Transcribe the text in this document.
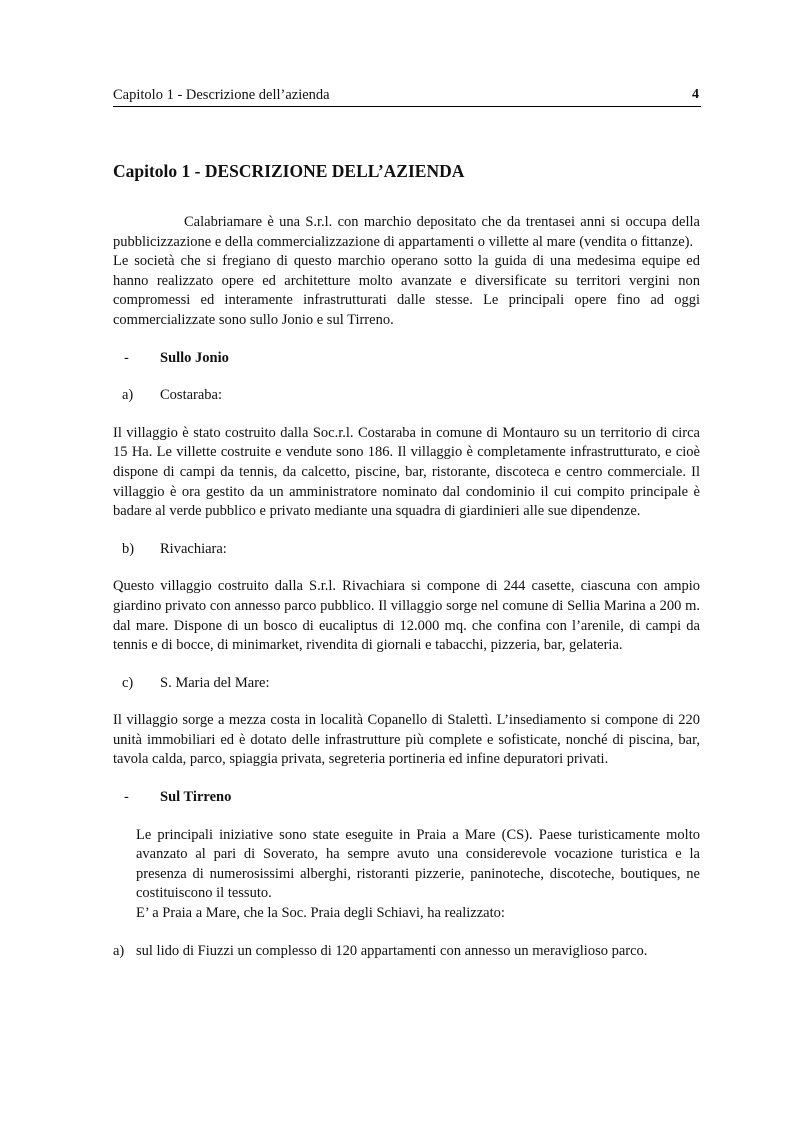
Capitolo 1 - Descrizione dell’azienda	4
Capitolo 1 - DESCRIZIONE DELL’AZIENDA

Calabriamare è una S.r.l. con marchio depositato che da trentasei anni si occupa della pubblicizzazione e della commercializzazione di appartamenti o villette al mare (vendita o fittanze).

Le società che si fregiano di questo marchio operano sotto la guida di una medesima equipe ed hanno realizzato opere ed architetture molto avanzate e diversificate su territori vergini non compromessi ed interamente infrastrutturati dalle stesse. Le principali opere fino ad oggi commercializzate sono sullo Jonio e sul Tirreno.

- Sullo Jonio
a) Costaraba:

Il villaggio è stato costruito dalla Soc.r.l. Costaraba in comune di Montauro su un territorio di circa 15 Ha. Le villette costruite e vendute sono 186. Il villaggio è completamente infrastrutturato, e cioè dispone di campi da tennis, da calcetto, piscine, bar, ristorante, discoteca e centro commerciale. Il villaggio è ora gestito da un amministratore nominato dal condominio il cui compito principale è badare al verde pubblico e privato mediante una squadra di giardinieri alle sue dipendenze.

b) Rivachiara:

Questo villaggio costruito dalla S.r.l. Rivachiara si compone di 244 casette, ciascuna con ampio giardino privato con annesso parco pubblico. Il villaggio sorge nel comune di Sellia Marina a 200 m. dal mare. Dispone di un bosco di eucaliptus di 12.000 mq. che confina con l’arenile, di campi da tennis e di bocce, di minimarket, rivendita di giornali e tabacchi, pizzeria, bar, gelateria.

c) S. Maria del Mare:

Il villaggio sorge a mezza costa in località Copanello di Stalettì. L’insediamento si compone di 220 unità immobiliari ed è dotato delle infrastrutture più complete e sofisticate, nonché di piscina, bar, tavola calda, parco, spiaggia privata, segreteria portineria ed infine depuratori privati.

- Sul Tirreno

Le principali iniziative sono state eseguite in Praia a Mare (CS). Paese turisticamente molto avanzato al pari di Soverato, ha sempre avuto una considerevole vocazione turistica e la presenza di numerosissimi alberghi, ristoranti pizzerie, paninoteche, discoteche, boutiques, ne costituiscono il tessuto.

E’ a Praia a Mare, che la Soc. Praia degli Schiavi, ha realizzato:

a) sul lido di Fiuzzi un complesso di 120 appartamenti con annesso un meraviglioso parco.
